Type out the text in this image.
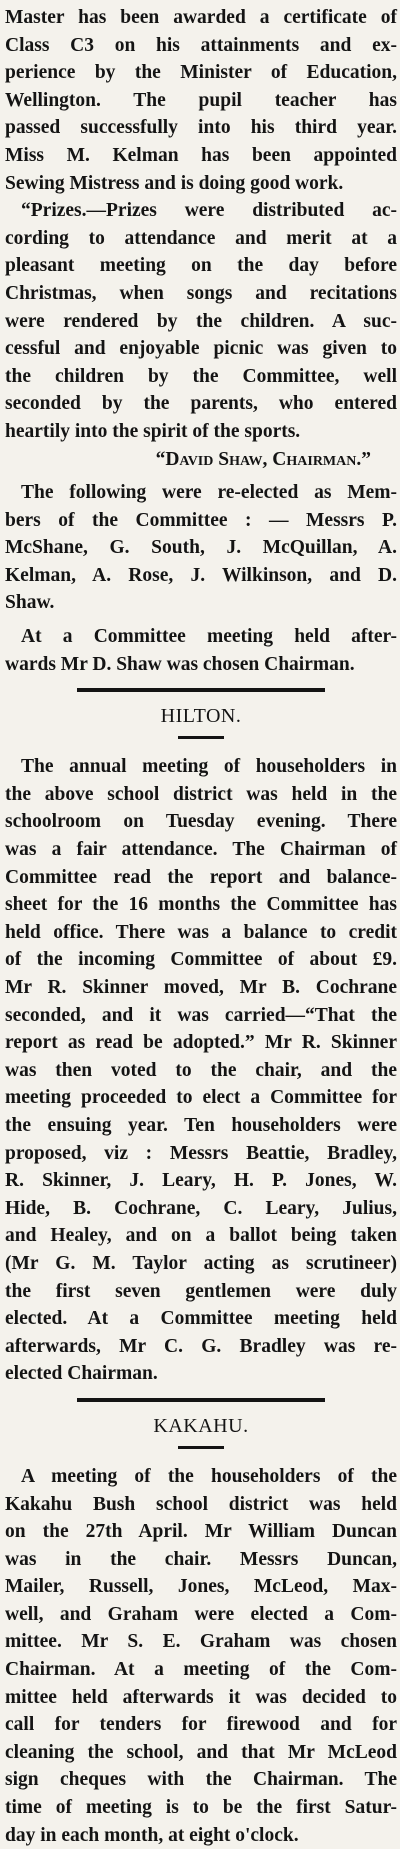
Master has been awarded a certificate of
Class C3 on his attainments and ex-
perience by the Minister of Education,
Wellington. The pupil teacher has
passed successfully into his third year.
Miss M. Kelman has been appointed
Sewing Mistress and is doing good work.

“Prizes.—Prizes were distributed ac-
cording to attendance and merit at a
pleasant meeting on the day before
Christmas, when songs and recitations
were rendered by the children. A suc-
cessful and enjoyable picnic was given to
the children by the Committee, well
seconded by the parents, who entered
heartily into the spirit of the sports.
“David Shaw, Chairman.”

The following were re-elected as Mem-
bers of the Committee : — Messrs P.
McShane, G. South, J. McQuillan, A.
Kelman, A. Rose, J. Wilkinson, and D.
Shaw.

At a Committee meeting held after-
wards Mr D. Shaw was chosen Chairman.

HILTON.

The annual meeting of householders in
the above school district was held in the
schoolroom on Tuesday evening. There
was a fair attendance. The Chairman of
Committee read the report and balance-
sheet for the 16 months the Committee has
held office. There was a balance to credit
of the incoming Committee of about £9.
Mr R. Skinner moved, Mr B. Cochrane
seconded, and it was carried—“That the
report as read be adopted.” Mr R. Skinner
was then voted to the chair, and the
meeting proceeded to elect a Committee for
the ensuing year. Ten householders were
proposed, viz : Messrs Beattie, Bradley,
R. Skinner, J. Leary, H. P. Jones, W.
Hide, B. Cochrane, C. Leary, Julius,
and Healey, and on a ballot being taken
(Mr G. M. Taylor acting as scrutineer)
the first seven gentlemen were duly
elected. At a Committee meeting held
afterwards, Mr C. G. Bradley was re-
elected Chairman.

KAKAHU.

A meeting of the householders of the
Kakahu Bush school district was held
on the 27th April. Mr William Duncan
was in the chair. Messrs Duncan,
Mailer, Russell, Jones, McLeod, Max-
well, and Graham were elected a Com-
mittee. Mr S. E. Graham was chosen
Chairman. At a meeting of the Com-
mittee held afterwards it was decided to
call for tenders for firewood and for
cleaning the school, and that Mr McLeod
sign cheques with the Chairman. The
time of meeting is to be the first Satur-
day in each month, at eight o'clock.
